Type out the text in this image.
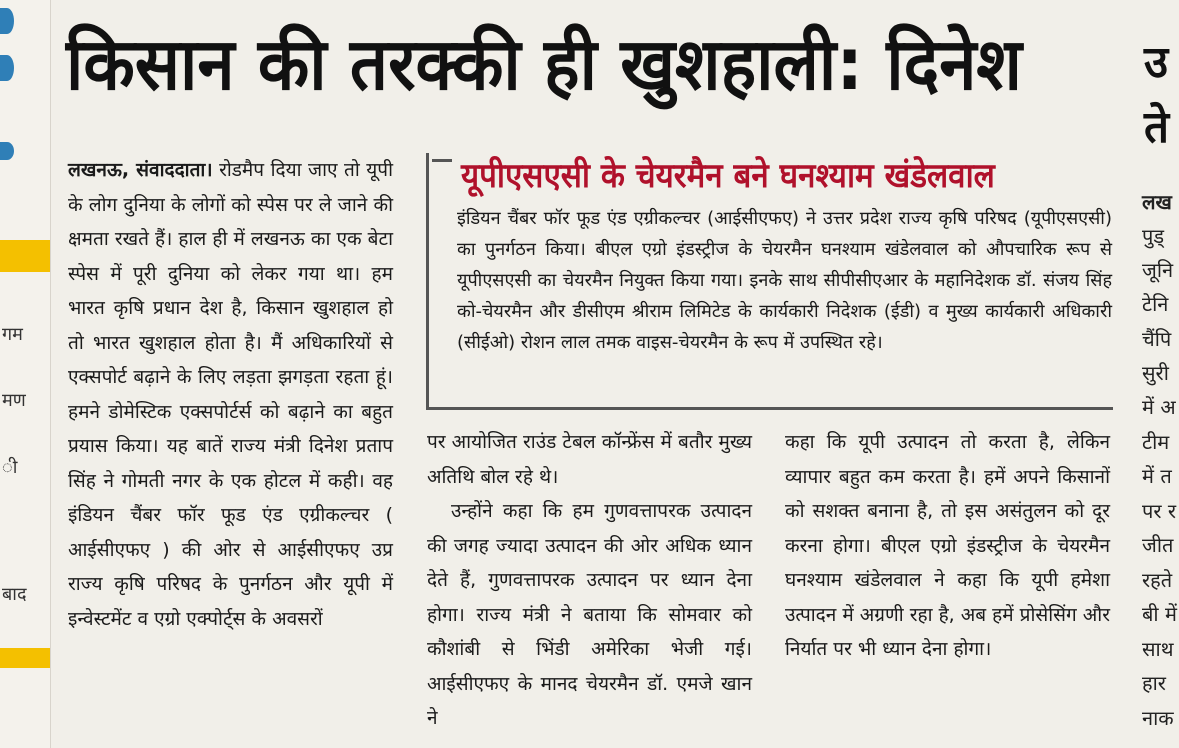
गम
मण
ी
बाद
किसान की तरक्की ही खुशहाली: दिनेश

लखनऊ, संवाददाता। रोडमैप दिया जाए तो यूपी के लोग दुनिया के लोगों को स्पेस पर ले जाने की क्षमता रखते हैं। हाल ही में लखनऊ का एक बेटा स्पेस में पूरी दुनिया को लेकर गया था। हम भारत कृषि प्रधान देश है, किसान खुशहाल हो तो भारत खुशहाल होता है। मैं अधिकारियों से एक्सपोर्ट बढ़ाने के लिए लड़ता झगड़ता रहता हूं। हमने डोमेस्टिक एक्सपोर्टर्स को बढ़ाने का बहुत प्रयास किया। यह बातें राज्य मंत्री दिनेश प्रताप सिंह ने गोमती नगर के एक होटल में कही। वह इंडियन चैंबर फॉर फूड एंड एग्रीकल्चर ( आईसीएफए ) की ओर से आईसीएफए उप्र राज्य कृषि परिषद के पुनर्गठन और यूपी में इन्वेस्टमेंट व एग्रो एक्पोर्ट्स के अवसरों

यूपीएसएसी के चेयरमैन बने घनश्याम खंडेलवाल

इंडियन चैंबर फॉर फूड एंड एग्रीकल्चर (आईसीएफए) ने उत्तर प्रदेश राज्य कृषि परिषद (यूपीएसएसी) का पुनर्गठन किया। बीएल एग्रो इंडस्ट्रीज के चेयरमैन घनश्याम खंडेलवाल को औपचारिक रूप से यूपीएसएसी का चेयरमैन नियुक्त किया गया। इनके साथ सीपीसीएआर के महानिदेशक डॉ. संजय सिंह को-चेयरमैन और डीसीएम श्रीराम लिमिटेड के कार्यकारी निदेशक (ईडी) व मुख्य कार्यकारी अधिकारी (सीईओ) रोशन लाल तमक वाइस-चेयरमैन के रूप में उपस्थित रहे।

पर आयोजित राउंड टेबल कॉन्फ्रेंस में बतौर मुख्य अतिथि बोल रहे थे।

उन्होंने कहा कि हम गुणवत्तापरक उत्पादन की जगह ज्यादा उत्पादन की ओर अधिक ध्यान देते हैं, गुणवत्तापरक उत्पादन पर ध्यान देना होगा। राज्य मंत्री ने बताया कि सोमवार को कौशांबी से भिंडी अमेरिका भेजी गई। आईसीएफए के मानद चेयरमैन डॉ. एमजे खान ने

कहा कि यूपी उत्पादन तो करता है, लेकिन व्यापार बहुत कम करता है। हमें अपने किसानों को सशक्त बनाना है, तो इस असंतुलन को दूर करना होगा। बीएल एग्रो इंडस्ट्रीज के चेयरमैन घनश्याम खंडेलवाल ने कहा कि यूपी हमेशा उत्पादन में अग्रणी रहा है, अब हमें प्रोसेसिंग और निर्यात पर भी ध्यान देना होगा।

उ
ते
लख
पुड्
जूनि
टेनि
चैंपि
सुरी
में अ
टीम
में त
पर र
जीत
रहते
बी में
साथ
हार
नाक
